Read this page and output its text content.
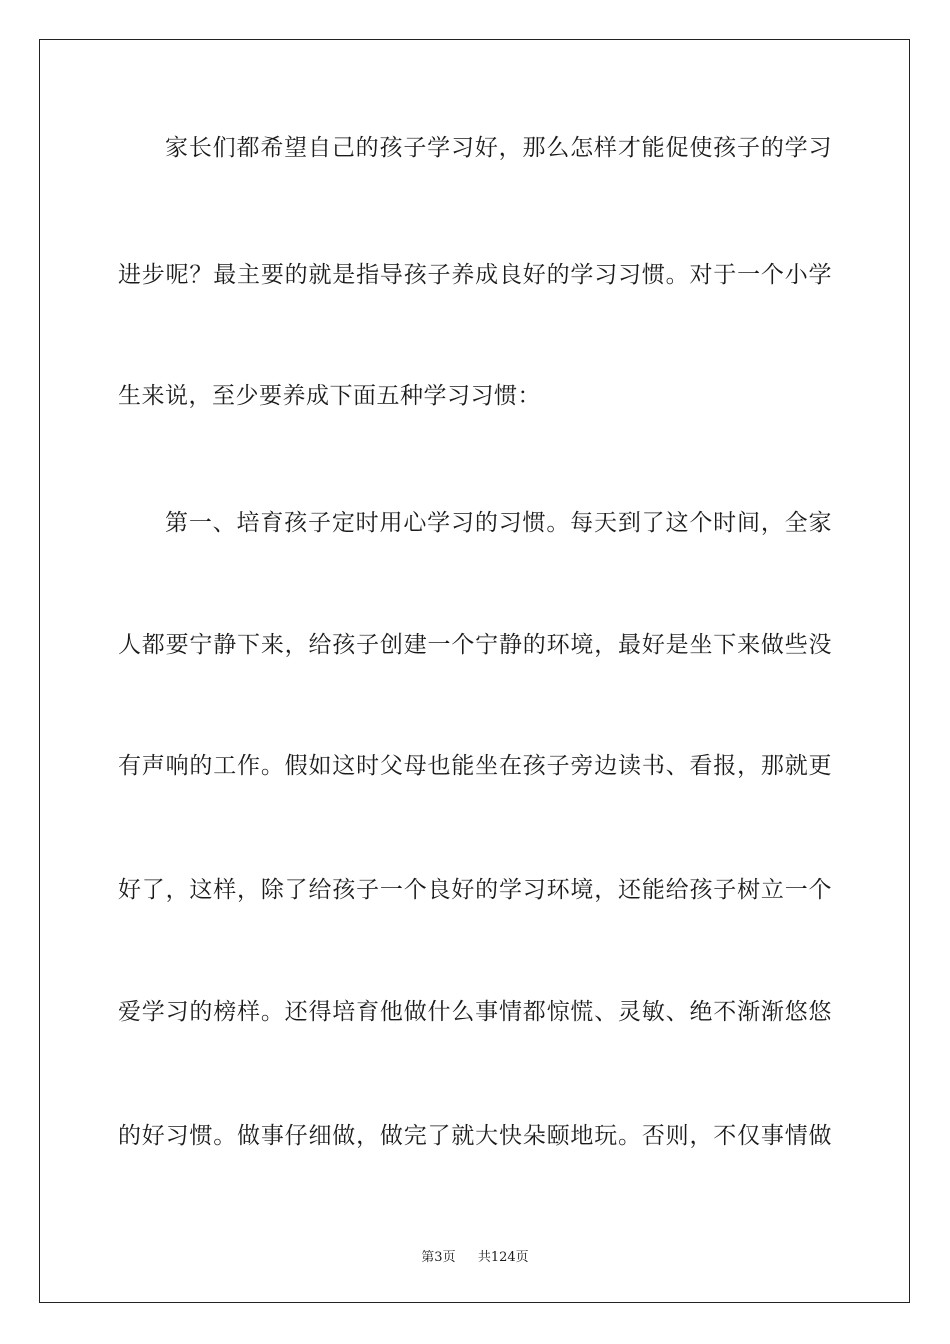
家长们都希望自己的孩子学习好，那么怎样才能促使孩子的学习
进步呢？最主要的就是指导孩子养成良好的学习习惯。对于一个小学
生来说，至少要养成下面五种学习习惯：
第一、培育孩子定时用心学习的习惯。每天到了这个时间，全家
人都要宁静下来，给孩子创建一个宁静的环境，最好是坐下来做些没
有声响的工作。假如这时父母也能坐在孩子旁边读书、看报，那就更
好了，这样，除了给孩子一个良好的学习环境，还能给孩子树立一个
爱学习的榜样。还得培育他做什么事情都惊慌、灵敏、绝不渐渐悠悠
的好习惯。做事仔细做，做完了就大快朵颐地玩。否则，不仅事情做
第3页 共124页
